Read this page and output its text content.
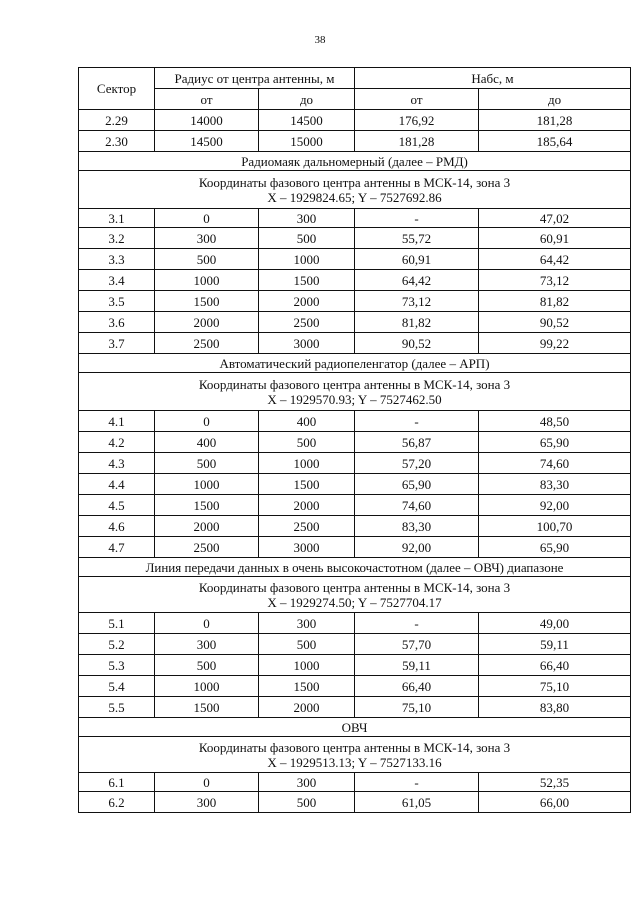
38
Сектор	Радиус от центра антенны, м		Набс, м	
	от	до	от	до
2.29	14000	14500	176,92	181,28
2.30	14500	15000	181,28	185,64
Радиомаяк дальномерный (далее – РМД)				

Координаты фазового центра антенны в МСК-14, зона 3
X – 1929824.65; Y – 7527692.86				

3.1	0	300	-	47,02
3.2	300	500	55,72	60,91
3.3	500	1000	60,91	64,42
3.4	1000	1500	64,42	73,12
3.5	1500	2000	73,12	81,82
3.6	2000	2500	81,82	90,52
3.7	2500	3000	90,52	99,22
Автоматический радиопеленгатор (далее – АРП)				

Координаты фазового центра антенны в МСК-14, зона 3
X – 1929570.93; Y – 7527462.50				

4.1	0	400	-	48,50
4.2	400	500	56,87	65,90
4.3	500	1000	57,20	74,60
4.4	1000	1500	65,90	83,30
4.5	1500	2000	74,60	92,00
4.6	2000	2500	83,30	100,70
4.7	2500	3000	92,00	65,90
Линия передачи данных в очень высокочастотном (далее – ОВЧ) диапазоне				

Координаты фазового центра антенны в МСК-14, зона 3
X – 1929274.50; Y – 7527704.17				

5.1	0	300	-	49,00
5.2	300	500	57,70	59,11
5.3	500	1000	59,11	66,40
5.4	1000	1500	66,40	75,10
5.5	1500	2000	75,10	83,80
ОВЧ				

Координаты фазового центра антенны в МСК-14, зона 3
X – 1929513.13; Y – 7527133.16				

6.1	0	300	-	52,35
6.2	300	500	61,05	66,00
